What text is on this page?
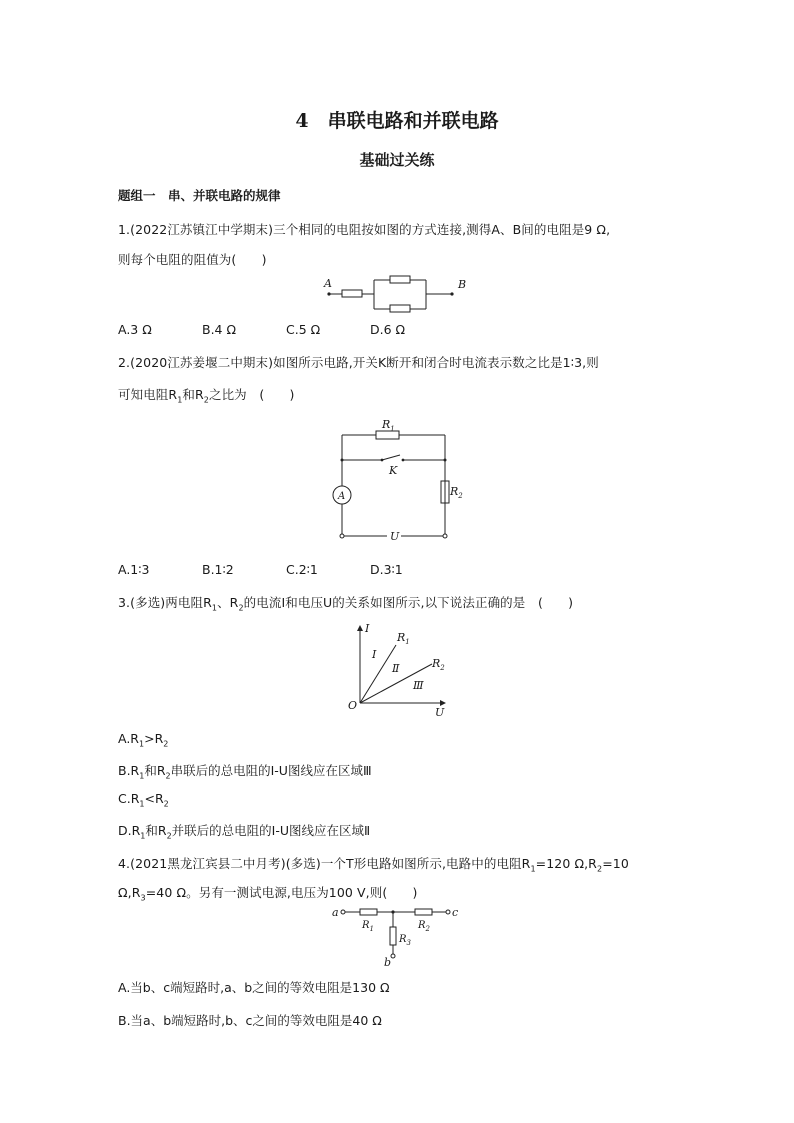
4　串联电路和并联电路
基础过关练
题组一　串、并联电路的规律
1.(2022江苏镇江中学期末)三个相同的电阻按如图的方式连接,测得A、B间的电阻是9 Ω,
则每个电阻的阻值为(　　)
A	B
A.3 Ω	B.4 Ω	C.5 Ω	D.6 Ω
2.(2020江苏姜堰二中期末)如图所示电路,开关K断开和闭合时电流表示数之比是1∶3,则
可知电阻$R_1$和$R_2$之比为　(　　)
$R_1$
K
$R_2$
A
U
A.1∶3	B.1∶2	C.2∶1	D.3∶1
3.(多选)两电阻$R_1$、$R_2$的电流I和电压U的关系如图所示,以下说法正确的是　(　　)
I
U
O
$R_1$
$R_2$
Ⅰ
Ⅱ
Ⅲ
$A.R_1>R_2$
$B.R_1$和$R_2$串联后的总电阻的I-U图线应在区域Ⅲ
$C.R_1<R_2$
$D.R_1$和$R_2$并联后的总电阻的I-U图线应在区域Ⅱ
4.(2021黑龙江宾县二中月考)(多选)一个T形电路如图所示,电路中的电阻$R_1=120$ $\Omega,R_2=10$
$\Omega,R_3=40$ Ω。另有一测试电源,电压为100 V,则(　　)
a	c
b
$R_1$	$R_2$
$R_3$
A.当b、c端短路时,a、b之间的等效电阻是130 Ω
B.当a、b端短路时,b、c之间的等效电阻是40 Ω
